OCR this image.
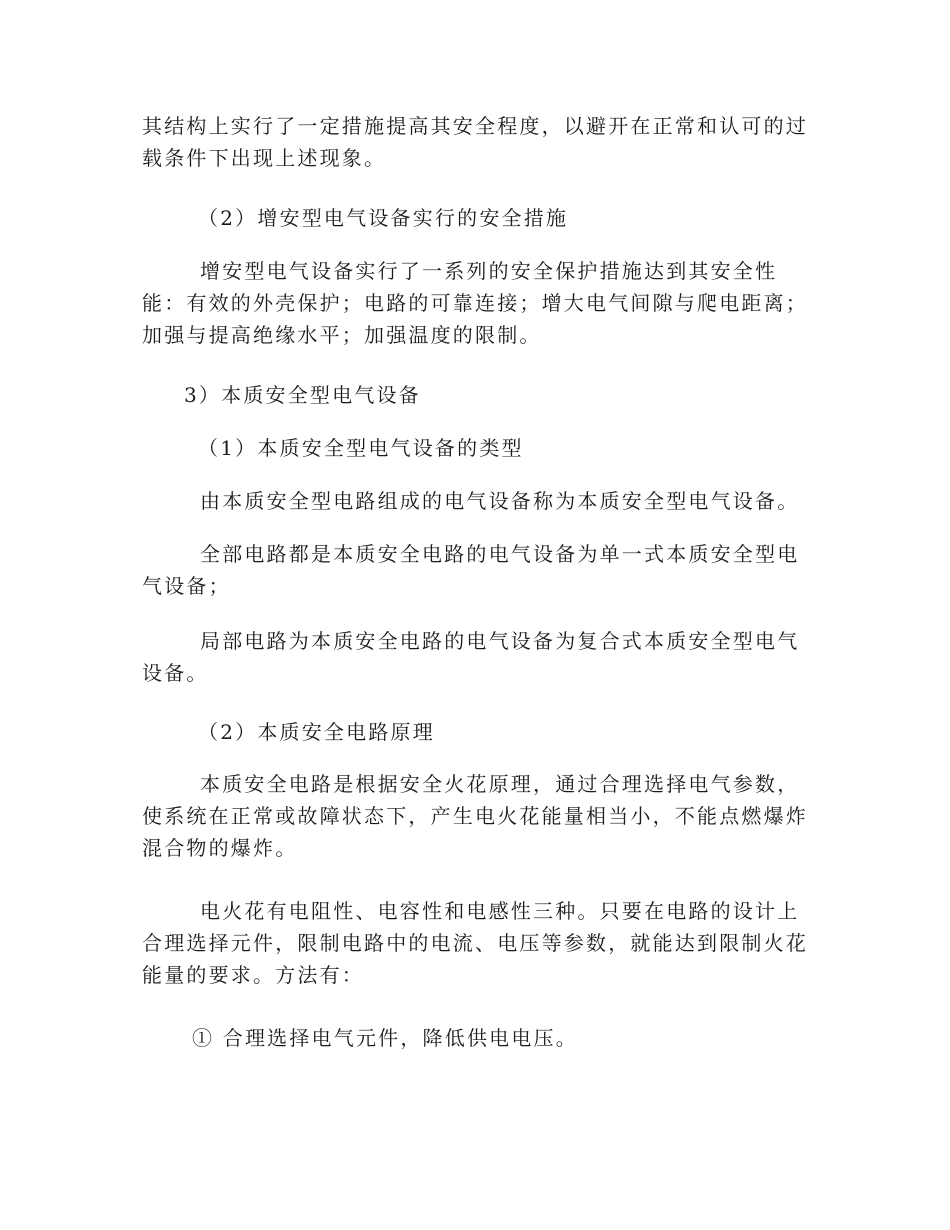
其结构上实行了一定措施提高其安全程度，以避开在正常和认可的过载条件下出现上述现象。

（2）增安型电气设备实行的安全措施

增安型电气设备实行了一系列的安全保护措施达到其安全性能：有效的外壳保护；电路的可靠连接；增大电气间隙与爬电距离；加强与提高绝缘水平；加强温度的限制。

3）本质安全型电气设备

（1）本质安全型电气设备的类型

由本质安全型电路组成的电气设备称为本质安全型电气设备。

全部电路都是本质安全电路的电气设备为单一式本质安全型电气设备；

局部电路为本质安全电路的电气设备为复合式本质安全型电气设备。

（2）本质安全电路原理

本质安全电路是根据安全火花原理，通过合理选择电气参数，使系统在正常或故障状态下，产生电火花能量相当小，不能点燃爆炸混合物的爆炸。

电火花有电阻性、电容性和电感性三种。只要在电路的设计上合理选择元件，限制电路中的电流、电压等参数，就能达到限制火花能量的要求。方法有：

① 合理选择电气元件，降低供电电压。
